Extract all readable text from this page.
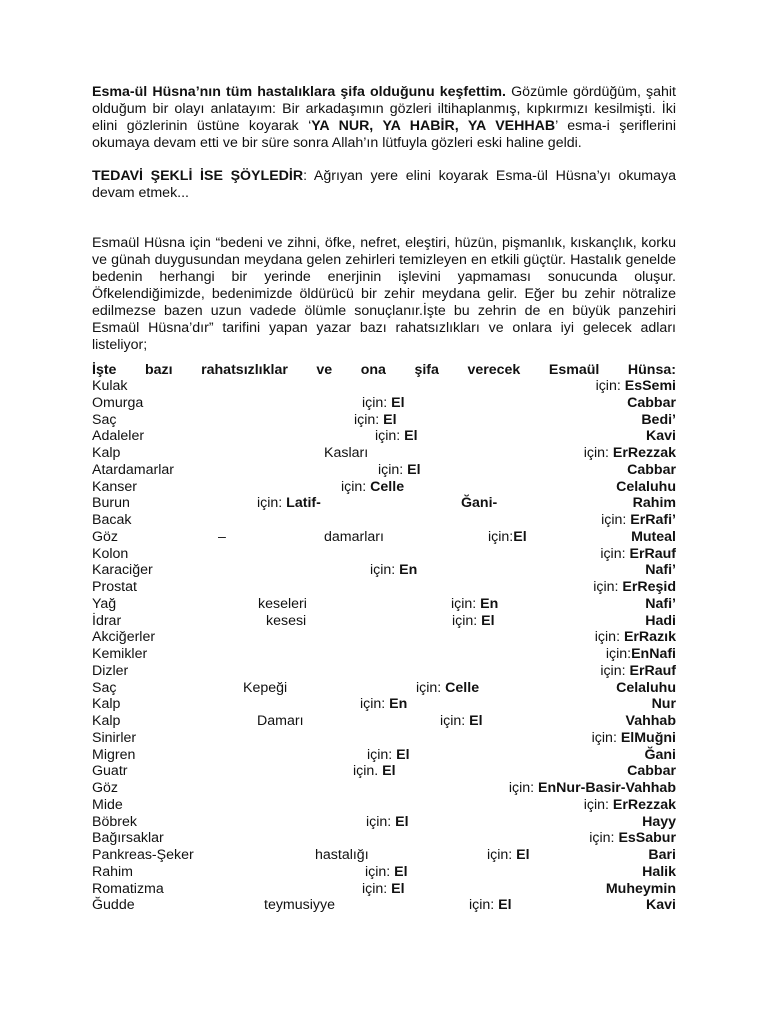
Esma-ül Hüsna’nın tüm hastalıklara şifa olduğunu keşfettim. Gözümle gördüğüm, şahit olduğum bir olayı anlatayım: Bir arkadaşımın gözleri iltihaplanmış, kıpkırmızı kesilmişti. İki elini gözlerinin üstüne koyarak ‘YA NUR, YA HABİR, YA VEHHAB’ esma-i şeriflerini okumaya devam etti ve bir süre sonra Allah’ın lütfuyla gözleri eski haline geldi.

TEDAVİ ŞEKLİ İSE ŞÖYLEDİR: Ağrıyan yere elini koyarak Esma-ül Hüsna’yı okumaya devam etmek...

Esmaül Hüsna için “bedeni ve zihni, öfke, nefret, eleştiri, hüzün, pişmanlık, kıskançlık, korku ve günah duygusundan meydana gelen zehirleri temizleyen en etkili güçtür. Hastalık genelde bedenin herhangi bir yerinde enerjinin işlevini yapmaması sonucunda oluşur. Öfkelendiğimizde, bedenimizde öldürücü bir zehir meydana gelir. Eğer bu zehir nötralize edilmezse bazen uzun vadede ölümle sonuçlanır.İşte bu zehrin de en büyük panzehiri Esmaül Hüsna’dır” tarifini yapan yazar bazı rahatsızlıkları ve onlara iyi gelecek adları listeliyor;

İşte bazı rahatsızlıklar ve ona şifa verecek Esmaül Hünsa:
Kulak	için: EsSemi
Omurga	için: El	Cabbar
Saç	için: El	Bedi’
Adaleler	için: El	Kavi
Kalp	Kasları	için: ErRezzak
Atardamarlar	için: El	Cabbar
Kanser	için: Celle	Celaluhu
Burun	için: Latif-	Ğani-	Rahim
Bacak	için: ErRafi’
Göz	–	damarları	için:El	Muteal
Kolon	için: ErRauf
Karaciğer	için: En	Nafi’
Prostat	için: ErReşid
Yağ	keseleri	için: En	Nafi’
İdrar	kesesi	için: El	Hadi
Akciğerler	için: ErRazık
Kemikler	için:EnNafi
Dizler	için: ErRauf
Saç	Kepeği	için: Celle	Celaluhu
Kalp	için: En	Nur
Kalp	Damarı	için: El	Vahhab
Sinirler	için: ElMuğni
Migren	için: El	Ğani
Guatr	için. El	Cabbar
Göz	için: EnNur-Basir-Vahhab
Mide	için: ErRezzak
Böbrek	için: El	Hayy
Bağırsaklar	için: EsSabur
Pankreas-Şeker	hastalığı	için: El	Bari
Rahim	için: El	Halik
Romatizma	için: El	Muheymin
Ğudde	teymusiyye	için: El	Kavi
